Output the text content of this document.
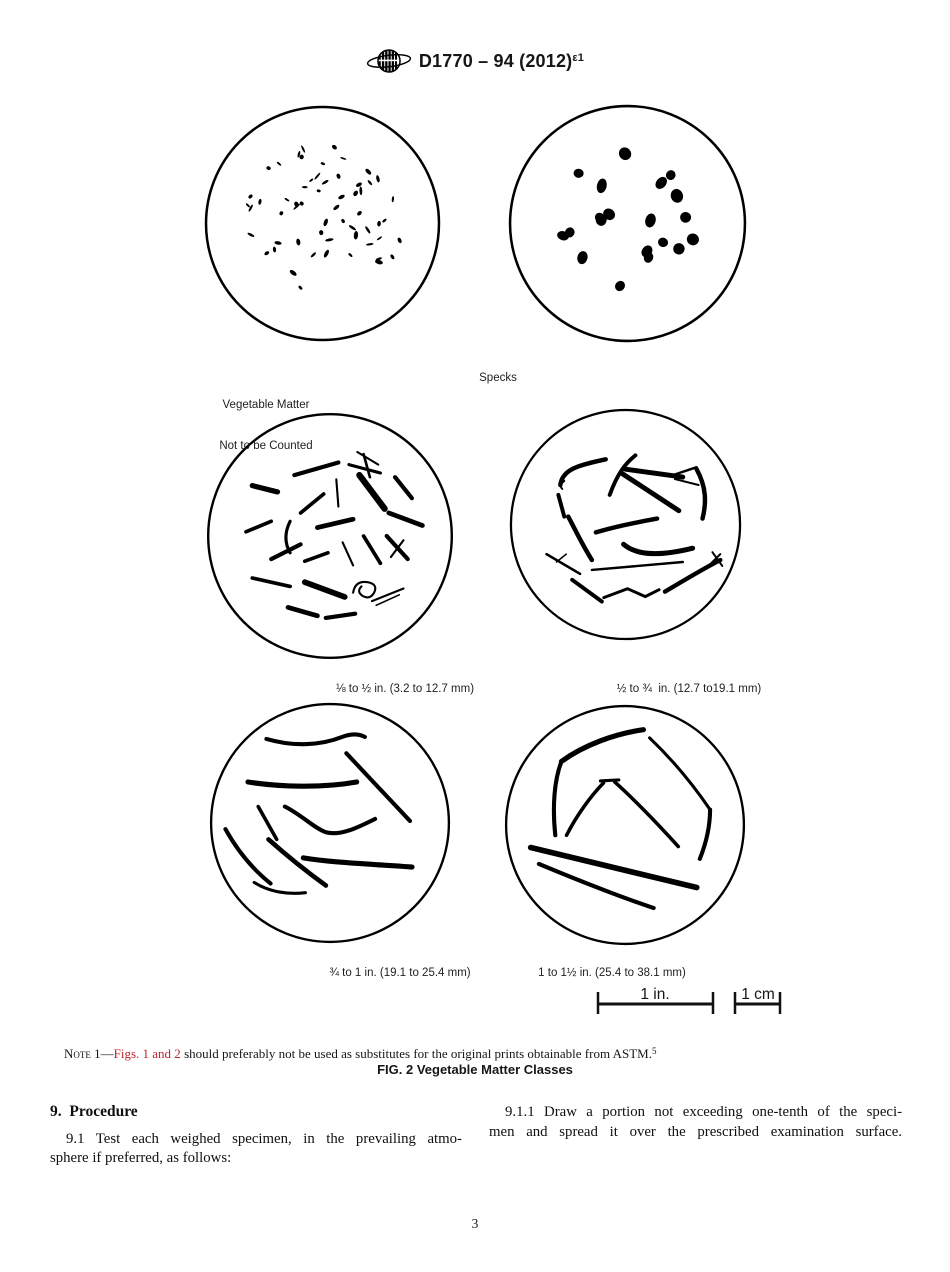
D1770 – 94 $(2012)^{\varepsilon 1}$

Vegetable Matter

Not to be Counted

Specks
⅛ to ½ in. (3.2 to 12.7 mm)	½ to ¾  in. (12.7 to19.1 mm)
¾ to 1 in. (19.1 to 25.4 mm)	1 to 1½ in. (25.4 to 38.1 mm)
1 in.	1 cm
Note 1—Figs. 1 and 2 should preferably not be used as substitutes for the original prints obtainable from ASTM.$^5$
FIG. 2 Vegetable Matter Classes
9.  Procedure
9.1 Test each weighed specimen, in the prevailing atmo-
sphere if preferred, as follows:
9.1.1 Draw a portion not exceeding one-tenth of the speci-
men and spread it over the prescribed examination surface.
3
